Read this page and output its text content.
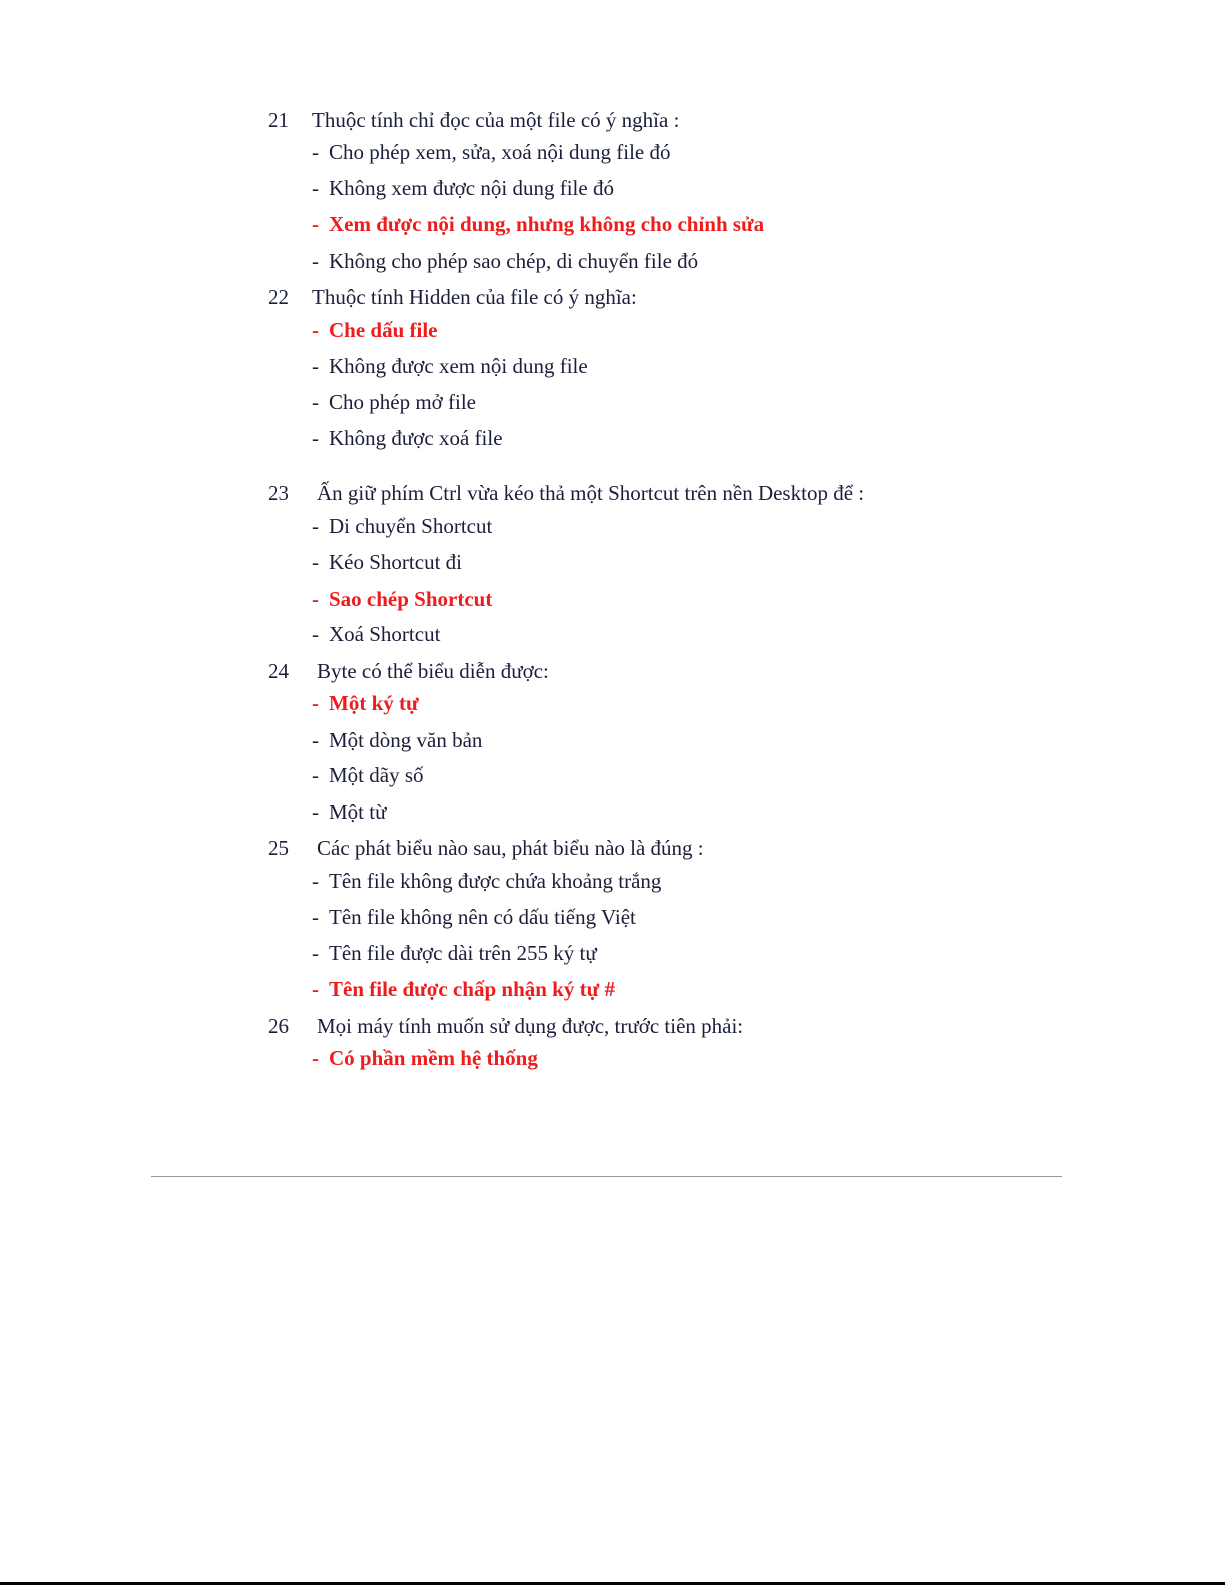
21 Thuộc tính chỉ đọc của một file có ý nghĩa :
- Cho phép xem, sửa, xoá nội dung file đó
- Không xem được nội dung file đó
- Xem được nội dung, nhưng không cho chỉnh sửa
- Không cho phép sao chép, di chuyển file đó
22 Thuộc tính Hidden của file có ý nghĩa:
- Che dấu file
- Không được xem nội dung file
- Cho phép mở file
- Không được xoá file
23 Ấn giữ phím Ctrl vừa kéo thả một Shortcut trên nền Desktop để :
- Di chuyển Shortcut
- Kéo Shortcut đi
- Sao chép Shortcut
- Xoá Shortcut
24 Byte có thể biểu diễn được:
- Một ký tự
- Một dòng văn bản
- Một dãy số
- Một từ
25 Các phát biểu nào sau, phát biểu nào là đúng :
- Tên file không được chứa khoảng trắng
- Tên file không nên có dấu tiếng Việt
- Tên file được dài trên 255 ký tự
- Tên file được chấp nhận ký tự #
26 Mọi máy tính muốn sử dụng được, trước tiên phải:
- Có phần mềm hệ thống
